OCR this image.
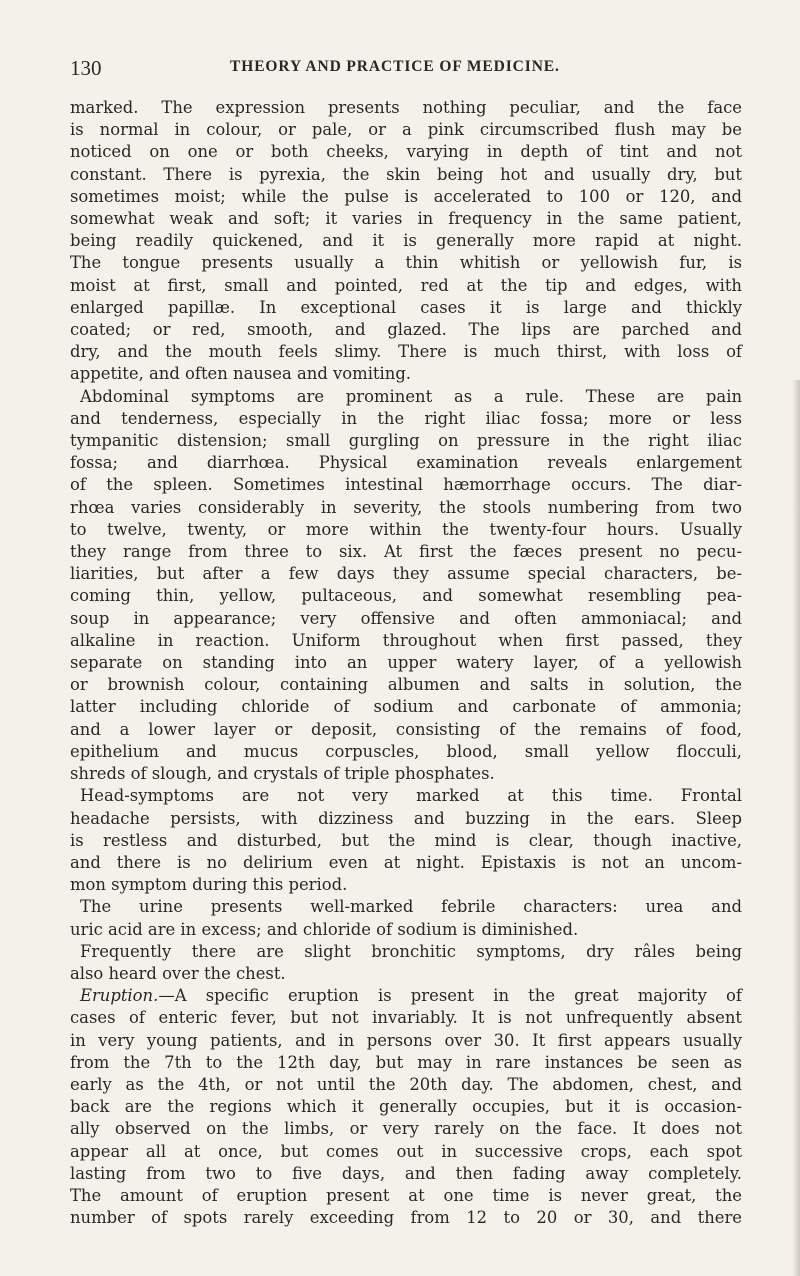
130	THEORY AND PRACTICE OF MEDICINE.
marked. The expression presents nothing peculiar, and the face
is normal in colour, or pale, or a pink circumscribed flush may be
noticed on one or both cheeks, varying in depth of tint and not
constant. There is pyrexia, the skin being hot and usually dry, but
sometimes moist; while the pulse is accelerated to 100 or 120, and
somewhat weak and soft; it varies in frequency in the same patient,
being readily quickened, and it is generally more rapid at night.
The tongue presents usually a thin whitish or yellowish fur, is
moist at first, small and pointed, red at the tip and edges, with
enlarged papillæ. In exceptional cases it is large and thickly
coated; or red, smooth, and glazed. The lips are parched and
dry, and the mouth feels slimy. There is much thirst, with loss of
appetite, and often nausea and vomiting.
Abdominal symptoms are prominent as a rule. These are pain
and tenderness, especially in the right iliac fossa; more or less
tympanitic distension; small gurgling on pressure in the right iliac
fossa; and diarrhœa. Physical examination reveals enlargement
of the spleen. Sometimes intestinal hæmorrhage occurs. The diar-
rhœa varies considerably in severity, the stools numbering from two
to twelve, twenty, or more within the twenty-four hours. Usually
they range from three to six. At first the fæces present no pecu-
liarities, but after a few days they assume special characters, be-
coming thin, yellow, pultaceous, and somewhat resembling pea-
soup in appearance; very offensive and often ammoniacal; and
alkaline in reaction. Uniform throughout when first passed, they
separate on standing into an upper watery layer, of a yellowish
or brownish colour, containing albumen and salts in solution, the
latter including chloride of sodium and carbonate of ammonia;
and a lower layer or deposit, consisting of the remains of food,
epithelium and mucus corpuscles, blood, small yellow flocculi,
shreds of slough, and crystals of triple phosphates.
Head-symptoms are not very marked at this time. Frontal
headache persists, with dizziness and buzzing in the ears. Sleep
is restless and disturbed, but the mind is clear, though inactive,
and there is no delirium even at night. Epistaxis is not an uncom-
mon symptom during this period.
The urine presents well-marked febrile characters: urea and
uric acid are in excess; and chloride of sodium is diminished.
Frequently there are slight bronchitic symptoms, dry râles being
also heard over the chest.
Eruption.—A specific eruption is present in the great majority of
cases of enteric fever, but not invariably. It is not unfrequently absent
in very young patients, and in persons over 30. It first appears usually
from the 7th to the 12th day, but may in rare instances be seen as
early as the 4th, or not until the 20th day. The abdomen, chest, and
back are the regions which it generally occupies, but it is occasion-
ally observed on the limbs, or very rarely on the face. It does not
appear all at once, but comes out in successive crops, each spot
lasting from two to five days, and then fading away completely.
The amount of eruption present at one time is never great, the
number of spots rarely exceeding from 12 to 20 or 30, and there
